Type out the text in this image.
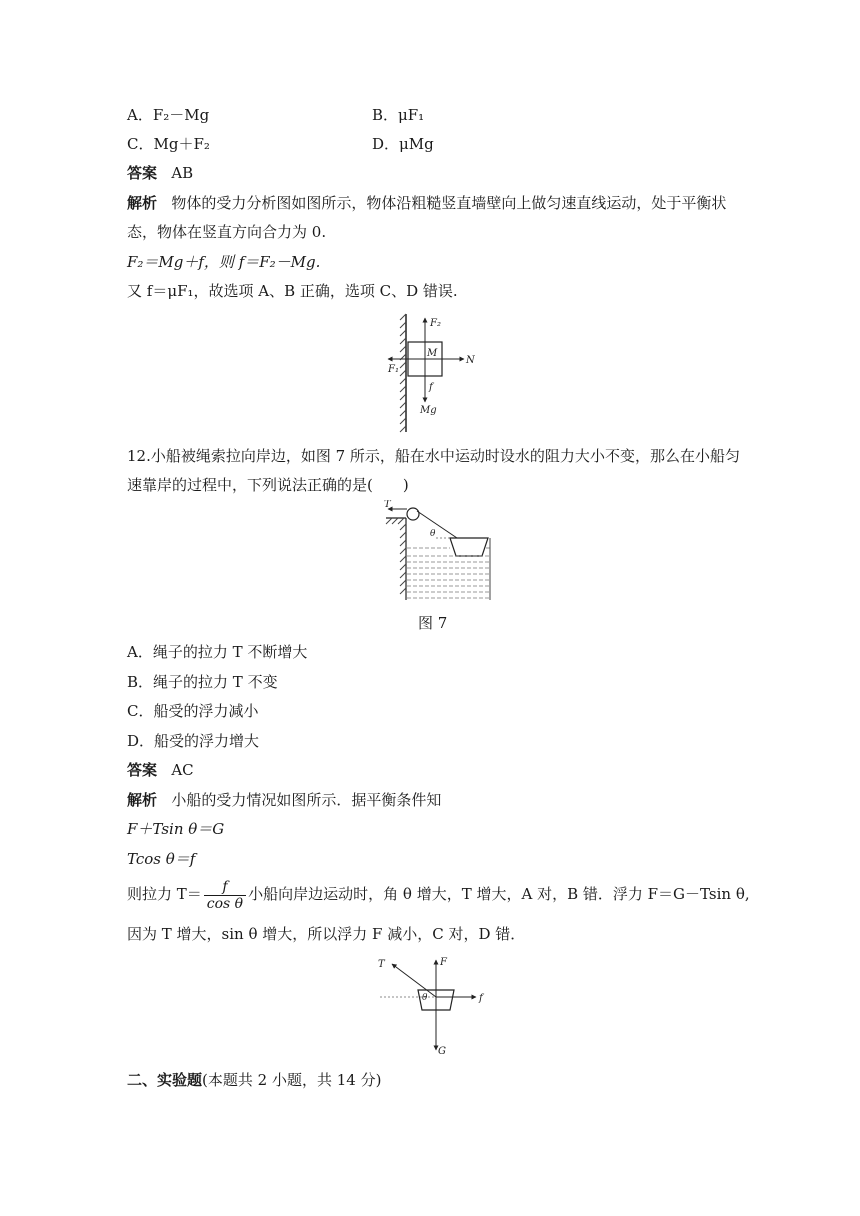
A．F₂－Mg	B．μF₁
C．Mg＋F₂	D．μMg
答案 AB
解析 物体的受力分析图如图所示，物体沿粗糙竖直墙壁向上做匀速直线运动，处于平衡状
态，物体在竖直方向合力为 0.
F₂＝Mg＋f，则 f＝F₂－Mg.
又 f＝μF₁，故选项 A、B 正确，选项 C、D 错误.
F₂
M
N
F₁
f
Mg
12.小船被绳索拉向岸边，如图 7 所示，船在水中运动时设水的阻力大小不变，那么在小船匀
速靠岸的过程中，下列说法正确的是(　　)
T
θ
图 7
A．绳子的拉力 T 不断增大
B．绳子的拉力 T 不变
C．船受的浮力减小
D．船受的浮力增大
答案 AC
解析 小船的受力情况如图所示．据平衡条件知
F＋Tsin θ＝G
Tcos θ＝f
则拉力 $T= \frac{f}{\text{cos θ}}$ 小船向岸边运动时，角 θ 增大，T 增大，A 对，B 错．浮力 F＝G－Tsin θ,
因为 T 增大，sin θ 增大，所以浮力 F 减小，C 对，D 错．
T	F
θ	f
G
二、实验题(本题共 2 小题，共 14 分)
